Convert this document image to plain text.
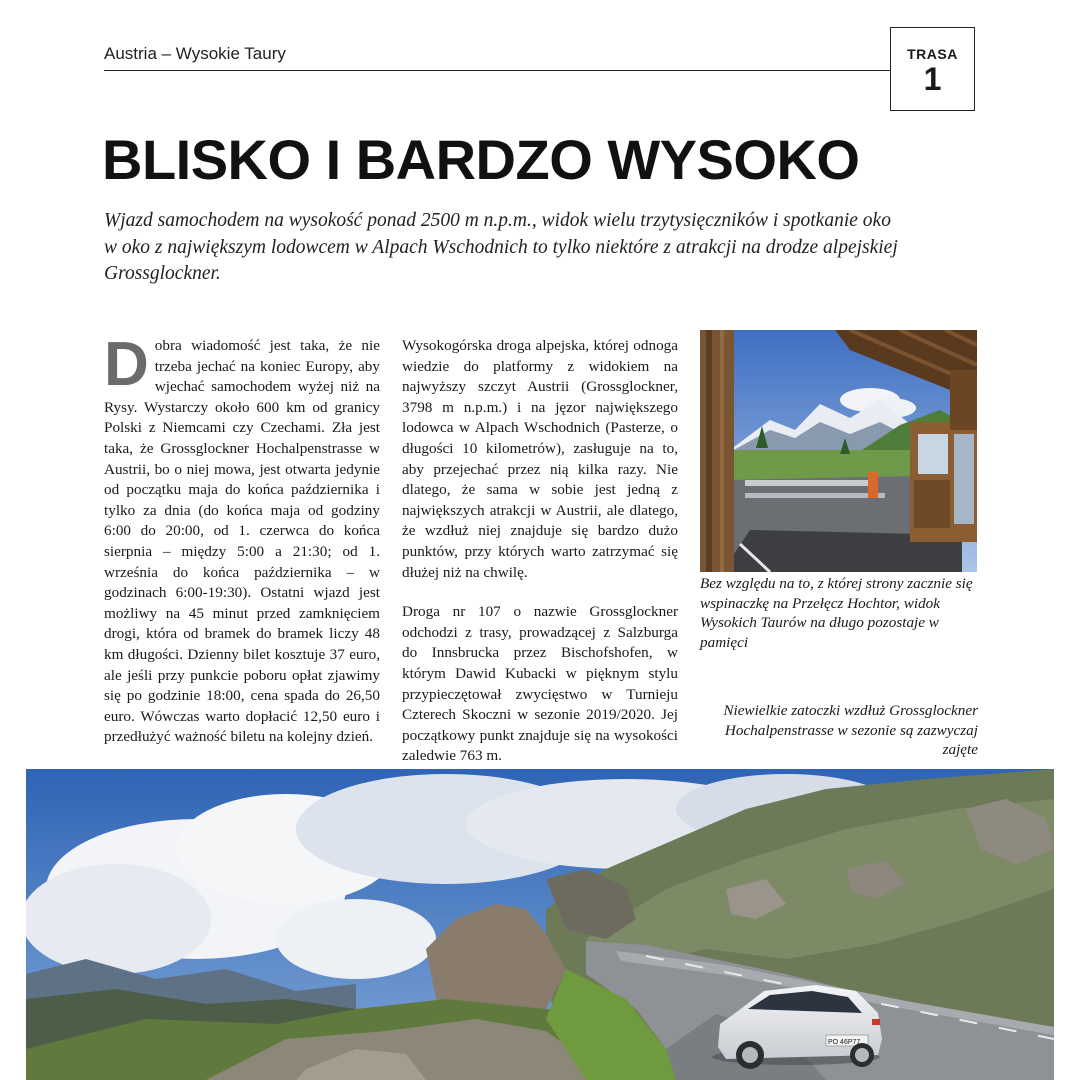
Austria – Wysokie Taury	TRASA
1
BLISKO I BARDZO WYSOKO

Wjazd samochodem na wysokość ponad 2500 m n.p.m., widok wielu trzytysięczników i spotkanie oko w oko z największym lodowcem w Alpach Wschodnich to tylko niektóre z atrakcji na drodze alpejskiej Grossglockner.

Dobra wiadomość jest taka, że nie trzeba jechać na koniec Europy, aby wjechać samochodem wyżej niż na Rysy. Wystarczy około 600 km od granicy Polski z Niemcami czy Czechami. Zła jest taka, że Grossglockner Hochalpenstrasse w Austrii, bo o niej mowa, jest otwarta jedynie od początku maja do końca października i tylko za dnia (do końca maja od godziny 6:00 do 20:00, od 1. czerwca do końca sierpnia – między 5:00 a 21:30; od 1. września do końca października – w godzinach 6:00-19:30). Ostatni wjazd jest możliwy na 45 minut przed zamknięciem drogi, która od bramek do bramek liczy 48 km długości. Dzienny bilet kosztuje 37 euro, ale jeśli przy punkcie poboru opłat zjawimy się po godzinie 18:00, cena spada do 26,50 euro. Wówczas warto dopłacić 12,50 euro i przedłużyć ważność biletu na kolejny dzień.

Wysokogórska droga alpejska, której odnoga wiedzie do platformy z widokiem na najwyższy szczyt Austrii (Grossglockner, 3798 m n.p.m.) i na jęzor największego lodowca w Alpach Wschodnich (Pasterze, o długości 10 kilometrów), zasługuje na to, aby przejechać przez nią kilka razy. Nie dlatego, że sama w sobie jest jedną z największych atrakcji w Austrii, ale dlatego, że wzdłuż niej znajduje się bardzo dużo punktów, przy których warto zatrzymać się dłużej niż na chwilę.

Droga nr 107 o nazwie Grossglockner odchodzi z trasy, prowadzącej z Salzburga do Innsbrucka przez Bischofshofen, w którym Dawid Kubacki w pięknym stylu przypieczętował zwycięstwo w Turnieju Czterech Skoczni w sezonie 2019/2020. Jej początkowy punkt znajduje się na wysokości zaledwie 763 m.

Bez względu na to, z której strony zacznie się wspinaczkę na Przełęcz Hochtor, widok Wysokich Taurów na długo pozostaje w pamięci

Niewielkie zatoczki wzdłuż Grossglockner Hochalpenstrasse w sezonie są zazwyczaj zajęte

PO 46P77
